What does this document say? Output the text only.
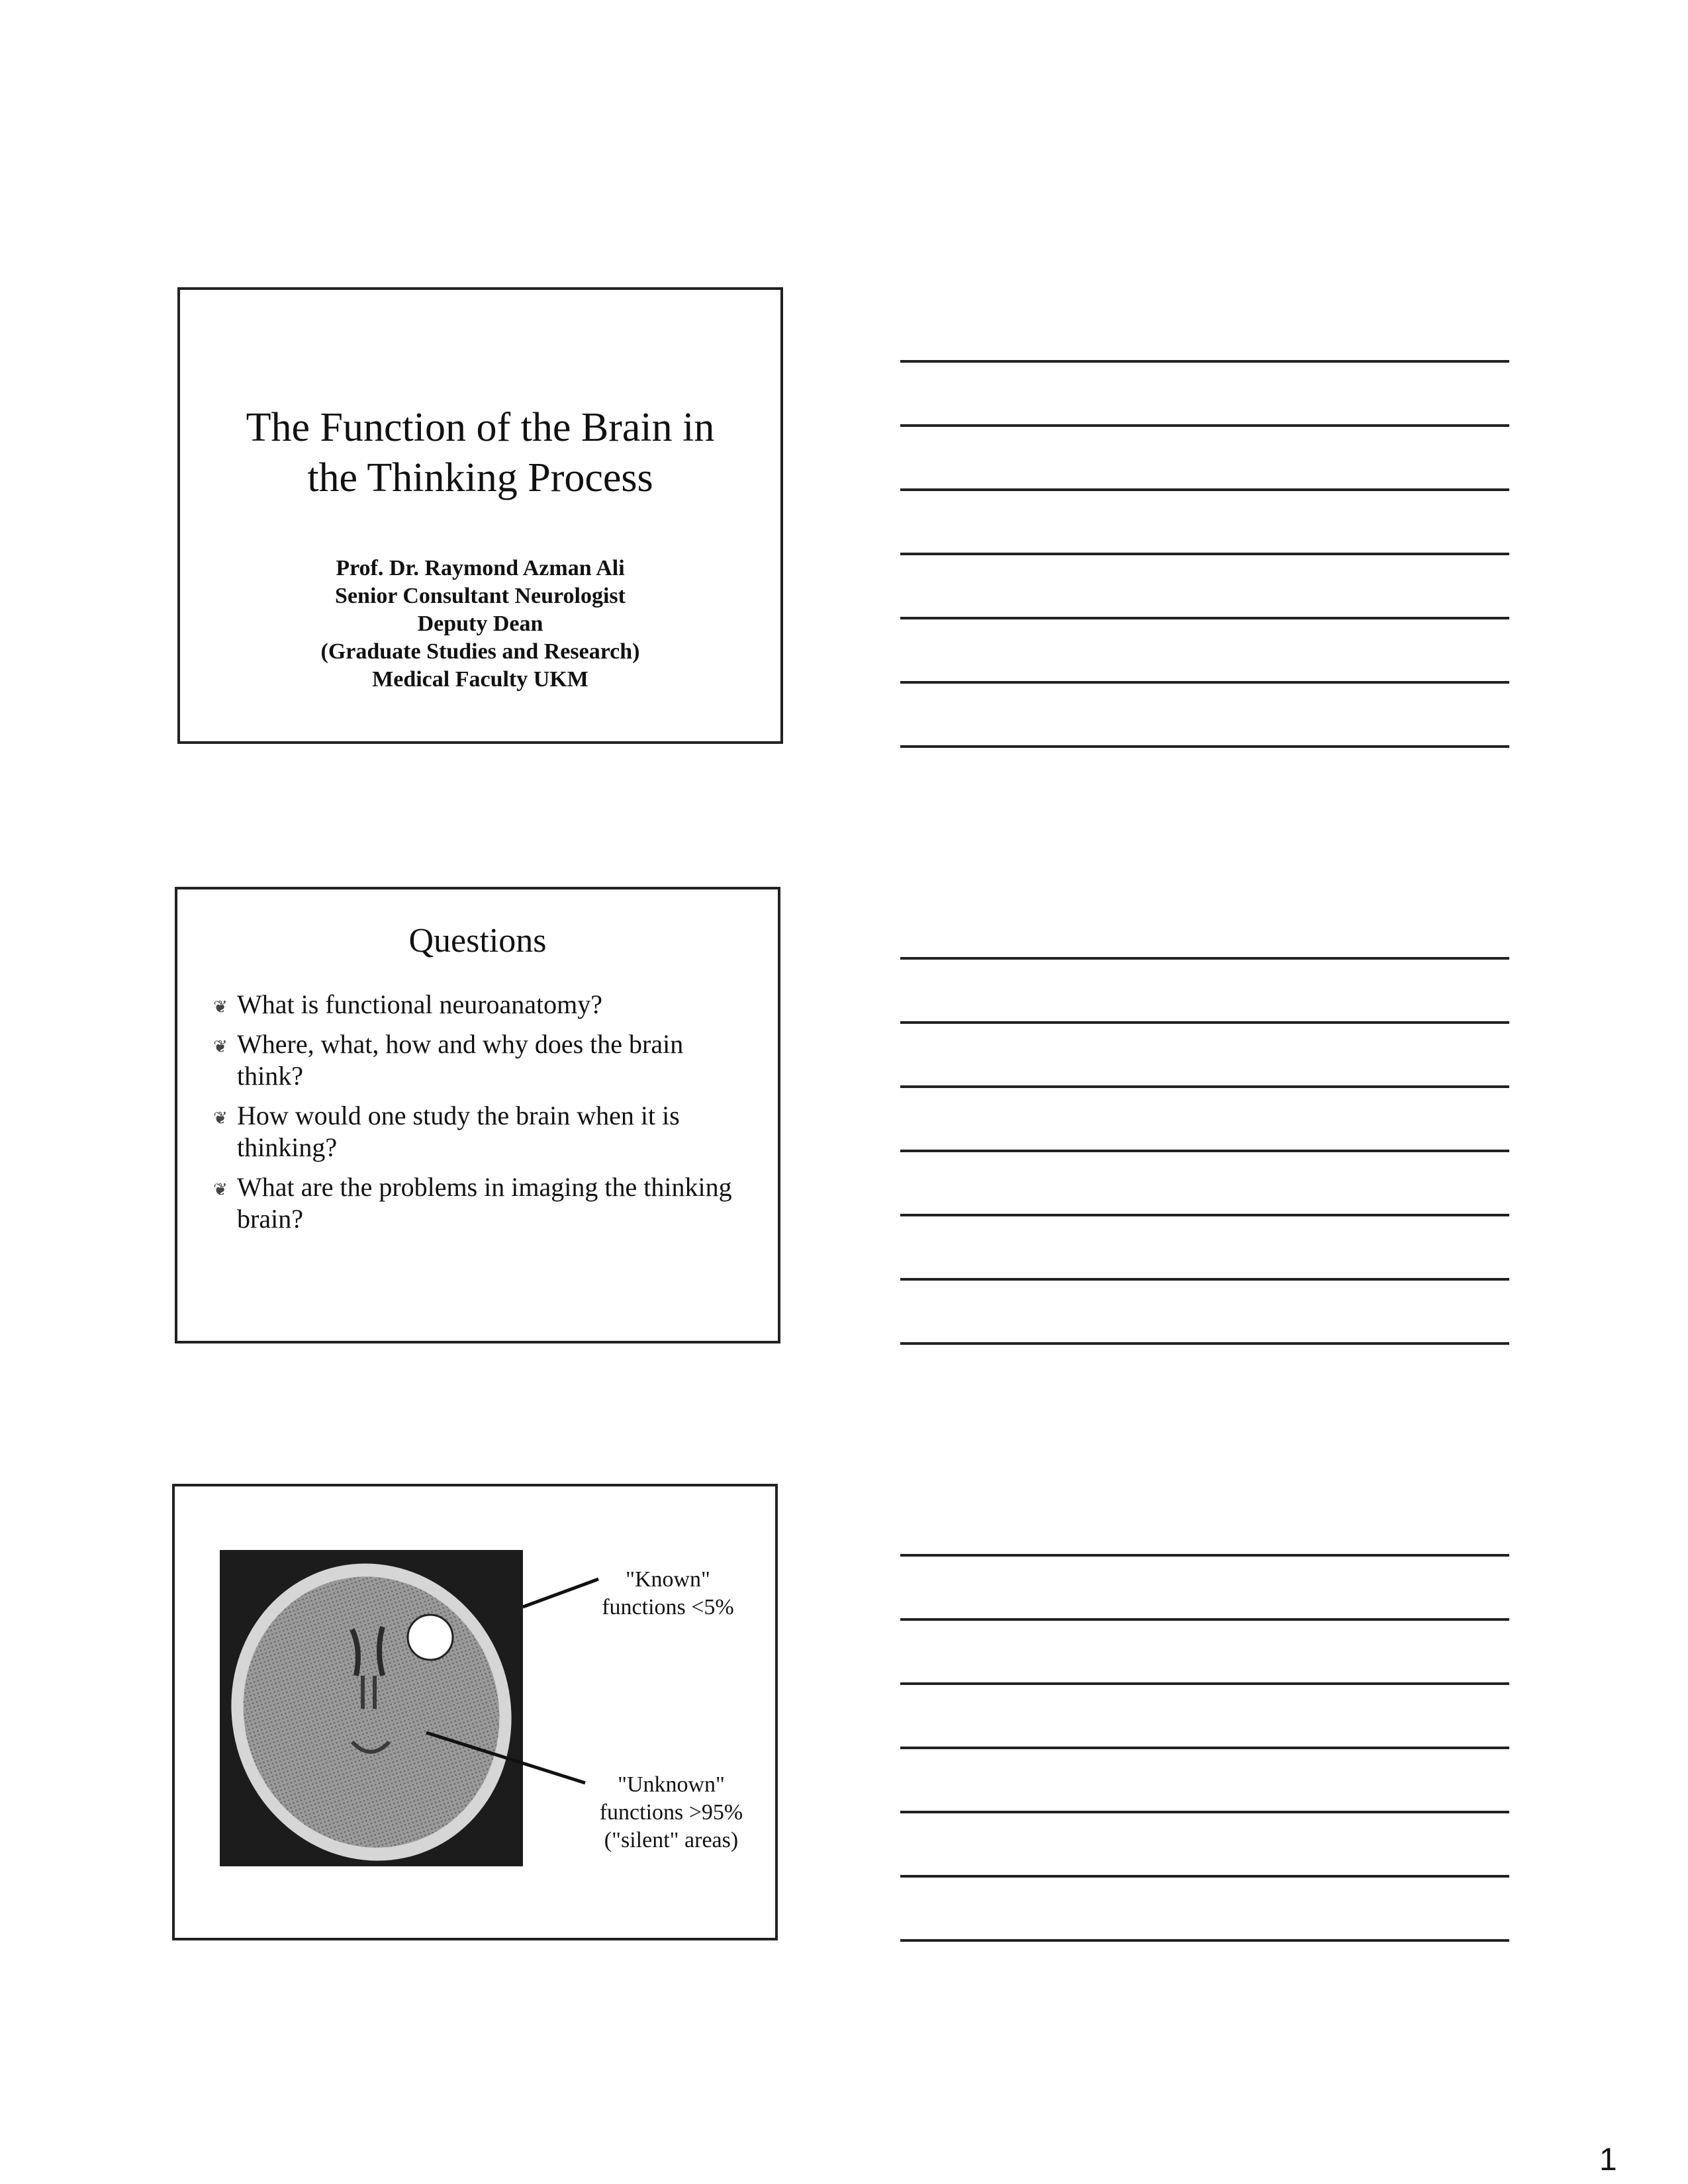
The Function of the Brain in
the Thinking Process
Prof. Dr. Raymond Azman Ali
Senior Consultant Neurologist
Deputy Dean
(Graduate Studies and Research)
Medical Faculty UKM
Questions
❦ What is functional neuroanatomy?
❦ Where, what, how and why does the brain think?
❦ How would one study the brain when it is thinking?
❦ What are the problems in imaging the thinking brain?
"Known"
functions <5%
"Unknown"
functions >95%
("silent" areas)
1
